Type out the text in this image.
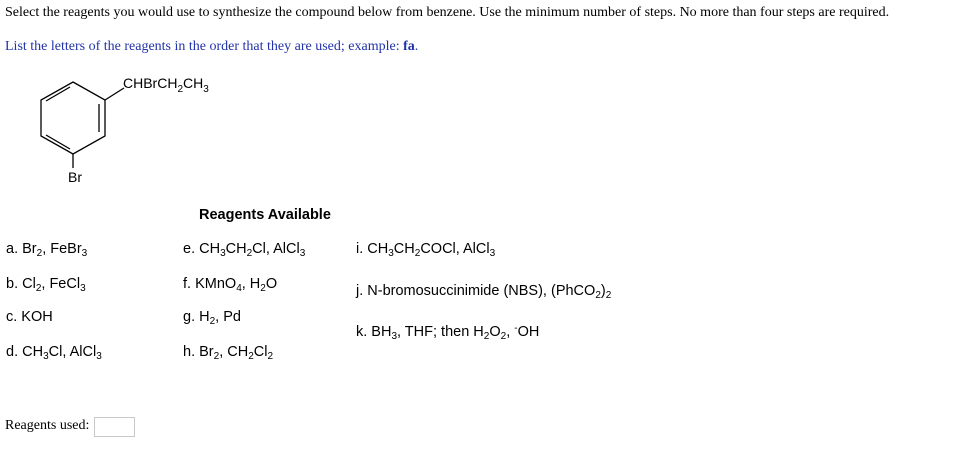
Select the reagents you would use to synthesize the compound below from benzene. Use the minimum number of steps. No more than four steps are required.
List the letters of the reagents in the order that they are used; example: fa.
$CHBrCH_2CH_3$
Br
Reagents Available
a. $Br_2$, FeBr$_3$
b. $Cl_2$, FeCl$_3$
c. KOH
d. $CH_3Cl$, AlCl$_3$
e. $CH_3CH_2Cl$, AlCl$_3$
f. KMnO$_4$, $H_2O$
g. $H_2$, Pd
h. $Br_2$, $CH_2Cl_2$
i. $CH_3CH_2COCl$, AlCl$_3$
j. N-bromosuccinimide (NBS), $(PhCO_2)_2$
k. $BH_3$, THF; then $H_2O_2$, -OH
Reagents used:
